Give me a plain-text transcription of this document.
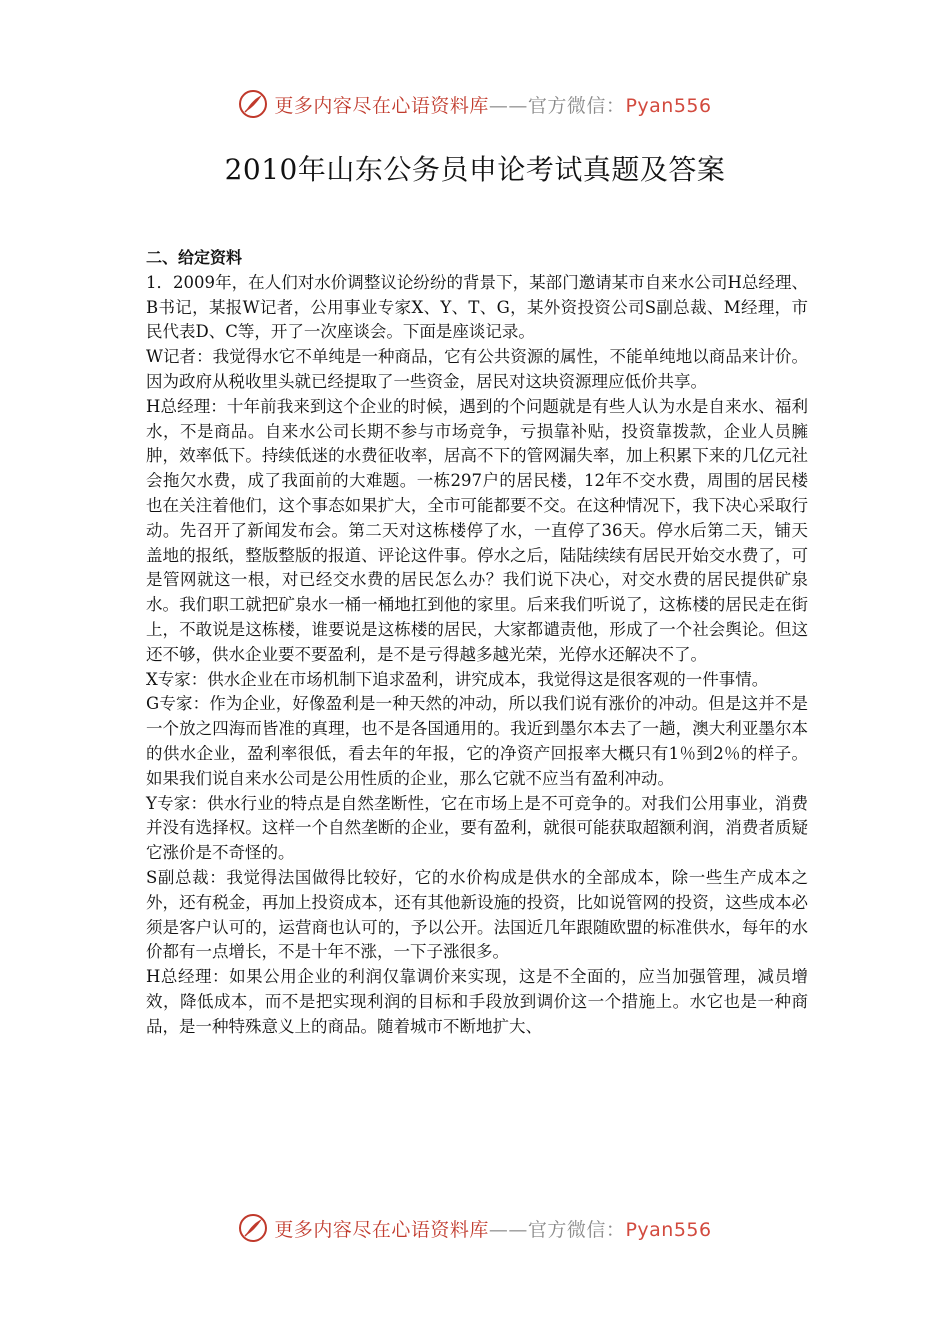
更多内容尽在心语资料库——官方微信：Pyan556
2010年山东公务员申论考试真题及答案

二、给定资料

1．2009年，在人们对水价调整议论纷纷的背景下，某部门邀请某市自来水公司H总经理、B书记，某报W记者，公用事业专家X、Y、T、G，某外资投资公司S副总裁、M经理，市民代表D、C等，开了一次座谈会。下面是座谈记录。

W记者：我觉得水它不单纯是一种商品，它有公共资源的属性，不能单纯地以商品来计价。因为政府从税收里头就已经提取了一些资金，居民对这块资源理应低价共享。

H总经理：十年前我来到这个企业的时候，遇到的个问题就是有些人认为水是自来水、福利水，不是商品。自来水公司长期不参与市场竞争，亏损靠补贴，投资靠拨款，企业人员臃肿，效率低下。持续低迷的水费征收率，居高不下的管网漏失率，加上积累下来的几亿元社会拖欠水费，成了我面前的大难题。一栋297户的居民楼，12年不交水费，周围的居民楼也在关注着他们，这个事态如果扩大，全市可能都要不交。在这种情况下，我下决心采取行动。先召开了新闻发布会。第二天对这栋楼停了水，一直停了36天。停水后第二天，铺天盖地的报纸，整版整版的报道、评论这件事。停水之后，陆陆续续有居民开始交水费了，可是管网就这一根，对已经交水费的居民怎么办？我们说下决心，对交水费的居民提供矿泉水。我们职工就把矿泉水一桶一桶地扛到他的家里。后来我们听说了，这栋楼的居民走在街上，不敢说是这栋楼，谁要说是这栋楼的居民，大家都谴责他，形成了一个社会舆论。但这还不够，供水企业要不要盈利，是不是亏得越多越光荣，光停水还解决不了。

X专家：供水企业在市场机制下追求盈利，讲究成本，我觉得这是很客观的一件事情。

G专家：作为企业，好像盈利是一种天然的冲动，所以我们说有涨价的冲动。但是这并不是一个放之四海而皆准的真理，也不是各国通用的。我近到墨尔本去了一趟，澳大利亚墨尔本的供水企业，盈利率很低，看去年的年报，它的净资产回报率大概只有1％到2％的样子。如果我们说自来水公司是公用性质的企业，那么它就不应当有盈利冲动。

Y专家：供水行业的特点是自然垄断性，它在市场上是不可竞争的。对我们公用事业，消费并没有选择权。这样一个自然垄断的企业，要有盈利，就很可能获取超额利润，消费者质疑它涨价是不奇怪的。

S副总裁：我觉得法国做得比较好，它的水价构成是供水的全部成本，除一些生产成本之外，还有税金，再加上投资成本，还有其他新设施的投资，比如说管网的投资，这些成本必须是客户认可的，运营商也认可的，予以公开。法国近几年跟随欧盟的标准供水，每年的水价都有一点增长，不是十年不涨，一下子涨很多。

H总经理：如果公用企业的利润仅靠调价来实现，这是不全面的，应当加强管理，减员增效，降低成本，而不是把实现利润的目标和手段放到调价这一个措施上。水它也是一种商品，是一种特殊意义上的商品。随着城市不断地扩大、

更多内容尽在心语资料库——官方微信：Pyan556
